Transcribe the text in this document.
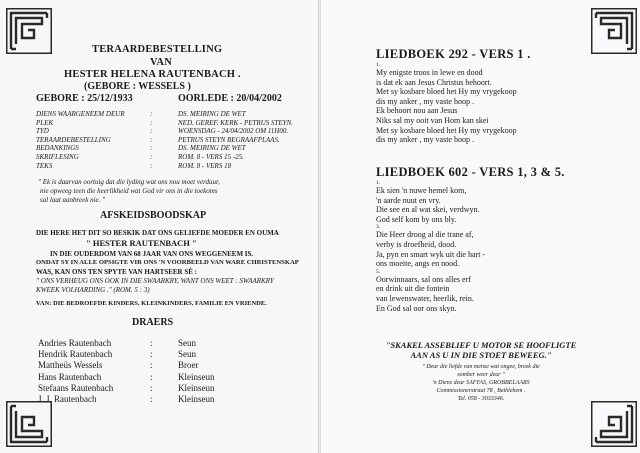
TERAARDEBESTELLING
VAN
HESTER HELENA RAUTENBACH .
(GEBORE : WESSELS )
GEBORE : 25/12/1933	OORLEDE : 20/04/2002
DIENS WAARGENEEM DEUR	:	DS. MEIRING DE WET
PLEK	:	NED. GEREF. KERK - PETRUS STEYN.
TYD	:	WOENSDAG - 24/04/2002 OM 11H00.
TERAARDEBESTELLING	:	PETRUS STEYN BEGRAAFPLAAS.
BEDANKINGS	:	DS. MEIRING DE WET
SKRIFLESING	:	ROM. 8 - VERS 15 -25.
TEKS	:	ROM. 8 - VERS 18
" Ek is daarvan oortuig dat die lyding wat ons nou moet verduur,
nie opweeg teen die heerlikheid wat God vir ons in die toekoms
sal laat aanbreek nie. "
AFSKEIDSBOODSKAP
DIE HERE HET DIT SO BESKIK DAT ONS GELIEFDE MOEDER EN OUMA
" HESTER RAUTENBACH "
IN DIE OUDERDOM VAN 68 JAAR VAN ONS WEGGENEEM IS.
ONDAT SY IN ALLE OPSIGTE VIR ONS 'N VOORBEELD VAN WARE CHRISTENSKAP
WAS, KAN ONS TEN SPYTE VAN HARTSEER SÊ :
" ONS VERHEUG ONS OOK IN DIE SWAARKRY, WANT ONS WEET : SWAARKRY
KWEEK VOLHARDING ." (ROM. 5 : 3)
VAN: DIE BEDROEFDE KINDERS, KLEINKINDERS, FAMILIE EN VRIENDE.
DRAERS
Andries Rautenbach	:	Seun
Hendrik Rautenbach	:	Seun
Mattheüs Wessels	:	Broer
Hans Rautenbach	:	Kleinseun
Stefaans Rautenbach	:	Kleinseun
J. J. Rautenbach	:	Kleinseun
LIEDBOEK 292 - VERS 1 .
1.
My enigste troos in lewe en dood
is dat ek aan Jesus Christus behoort.
Met sy kosbare bloed het Hy my vrygekoop
dis my anker , my vaste hoop .
Ek behoort nou aan Jesus
Niks sal my ooit van Hom kan skei
Met sy kosbare bloed het Hy my vrygekoop
dis my anker , my vaste hoop .
LIEDBOEK 602 - VERS 1, 3 & 5.
1.
Ek sien 'n nuwe hemel kom,
'n aarde nuut en vry.
Die see en al wat skei, verdwyn.
God self kom by ons bly.
3.
Die Heer droog al die trane af,
verby is droefheid, dood.
Ja, pyn en smart wyk uit die hart -
ons moeite, angs en nood.
5.
Oorwinnaars, sal ons alles erf
en drink uit die fontein
van lewenswater, heerlik, rein.
En God sal oor ons skyn.
"SKAKEL ASSEBLIEF U MOTOR SE HOOFLIGTE
AAN AS U IN DIE STOET BEWEEG."
" Deur die liefde van mense wat ongee, breek die
somber weer deur "
'n Diens deur SAFFAS, GROBBELAARS
Commissionerstraat 78 , Bethlehem .
Tel. 058 - 3033346.
